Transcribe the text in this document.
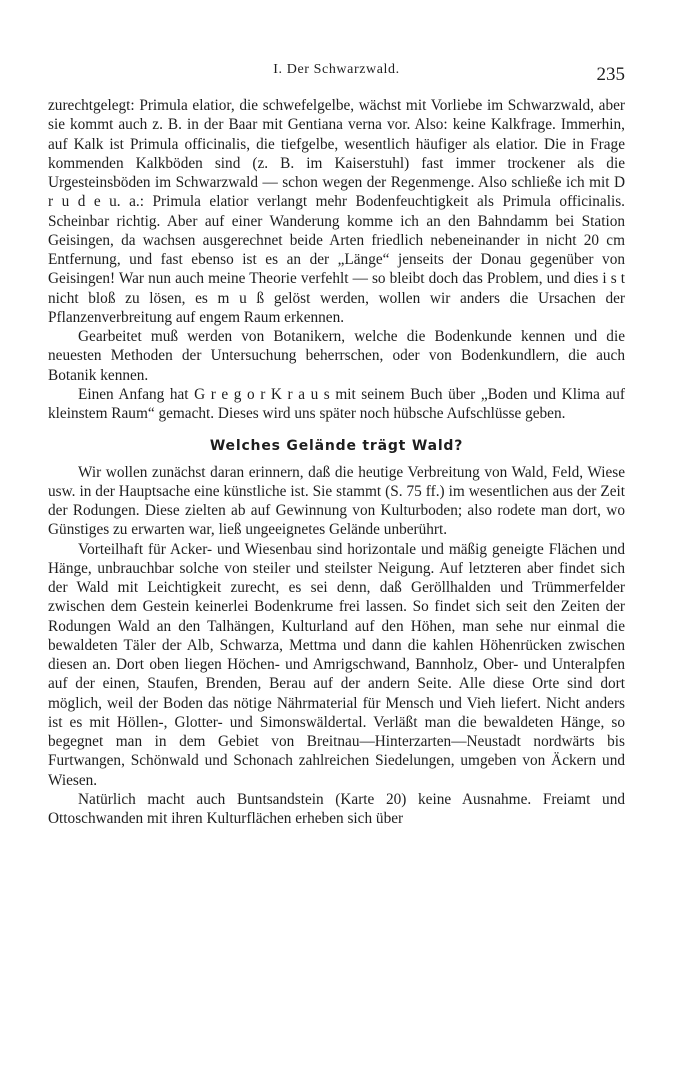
I. Der Schwarzwald.	235

zurechtgelegt: Primula elatior, die schwefelgelbe, wächst mit Vorliebe im Schwarzwald, aber sie kommt auch z. B. in der Baar mit Gentiana verna vor. Also: keine Kalkfrage. Immerhin, auf Kalk ist Primula officinalis, die tiefgelbe, wesentlich häufiger als elatior. Die in Frage kommenden Kalkböden sind (z. B. im Kaiserstuhl) fast immer trockener als die Urgesteinsböden im Schwarzwald — schon wegen der Regenmenge. Also schließe ich mit D r u d e u. a.: Primula elatior verlangt mehr Bodenfeuchtigkeit als Primula officinalis. Scheinbar richtig. Aber auf einer Wanderung komme ich an den Bahndamm bei Station Geisingen, da wachsen ausgerechnet beide Arten friedlich nebeneinander in nicht 20 cm Entfernung, und fast ebenso ist es an der „Länge“ jenseits der Donau gegenüber von Geisingen! War nun auch meine Theorie verfehlt — so bleibt doch das Problem, und dies i s t nicht bloß zu lösen, es m u ß gelöst werden, wollen wir anders die Ursachen der Pflanzenverbreitung auf engem Raum erkennen.

Gearbeitet muß werden von Botanikern, welche die Bodenkunde kennen und die neuesten Methoden der Untersuchung beherrschen, oder von Bodenkundlern, die auch Botanik kennen.

Einen Anfang hat G r e g o r K r a u s mit seinem Buch über „Boden und Klima auf kleinstem Raum“ gemacht. Dieses wird uns später noch hübsche Aufschlüsse geben.

Welches Gelände trägt Wald?

Wir wollen zunächst daran erinnern, daß die heutige Verbreitung von Wald, Feld, Wiese usw. in der Hauptsache eine künstliche ist. Sie stammt (S. 75 ff.) im wesentlichen aus der Zeit der Rodungen. Diese zielten ab auf Gewinnung von Kulturboden; also rodete man dort, wo Günstiges zu erwarten war, ließ ungeeignetes Gelände unberührt.

Vorteilhaft für Acker- und Wiesenbau sind horizontale und mäßig geneigte Flächen und Hänge, unbrauchbar solche von steiler und steilster Neigung. Auf letzteren aber findet sich der Wald mit Leichtigkeit zurecht, es sei denn, daß Geröllhalden und Trümmerfelder zwischen dem Gestein keinerlei Bodenkrume frei lassen. So findet sich seit den Zeiten der Rodungen Wald an den Talhängen, Kulturland auf den Höhen, man sehe nur einmal die bewaldeten Täler der Alb, Schwarza, Mettma und dann die kahlen Höhenrücken zwischen diesen an. Dort oben liegen Höchen- und Amrigschwand, Bannholz, Ober- und Unteralpfen auf der einen, Staufen, Brenden, Berau auf der andern Seite. Alle diese Orte sind dort möglich, weil der Boden das nötige Nährmaterial für Mensch und Vieh liefert. Nicht anders ist es mit Höllen-, Glotter- und Simonswäldertal. Verläßt man die bewaldeten Hänge, so begegnet man in dem Gebiet von Breitnau—Hinterzarten—Neustadt nordwärts bis Furtwangen, Schönwald und Schonach zahlreichen Siedelungen, umgeben von Äckern und Wiesen.

Natürlich macht auch Buntsandstein (Karte 20) keine Ausnahme. Freiamt und Ottoschwanden mit ihren Kulturflächen erheben sich über
